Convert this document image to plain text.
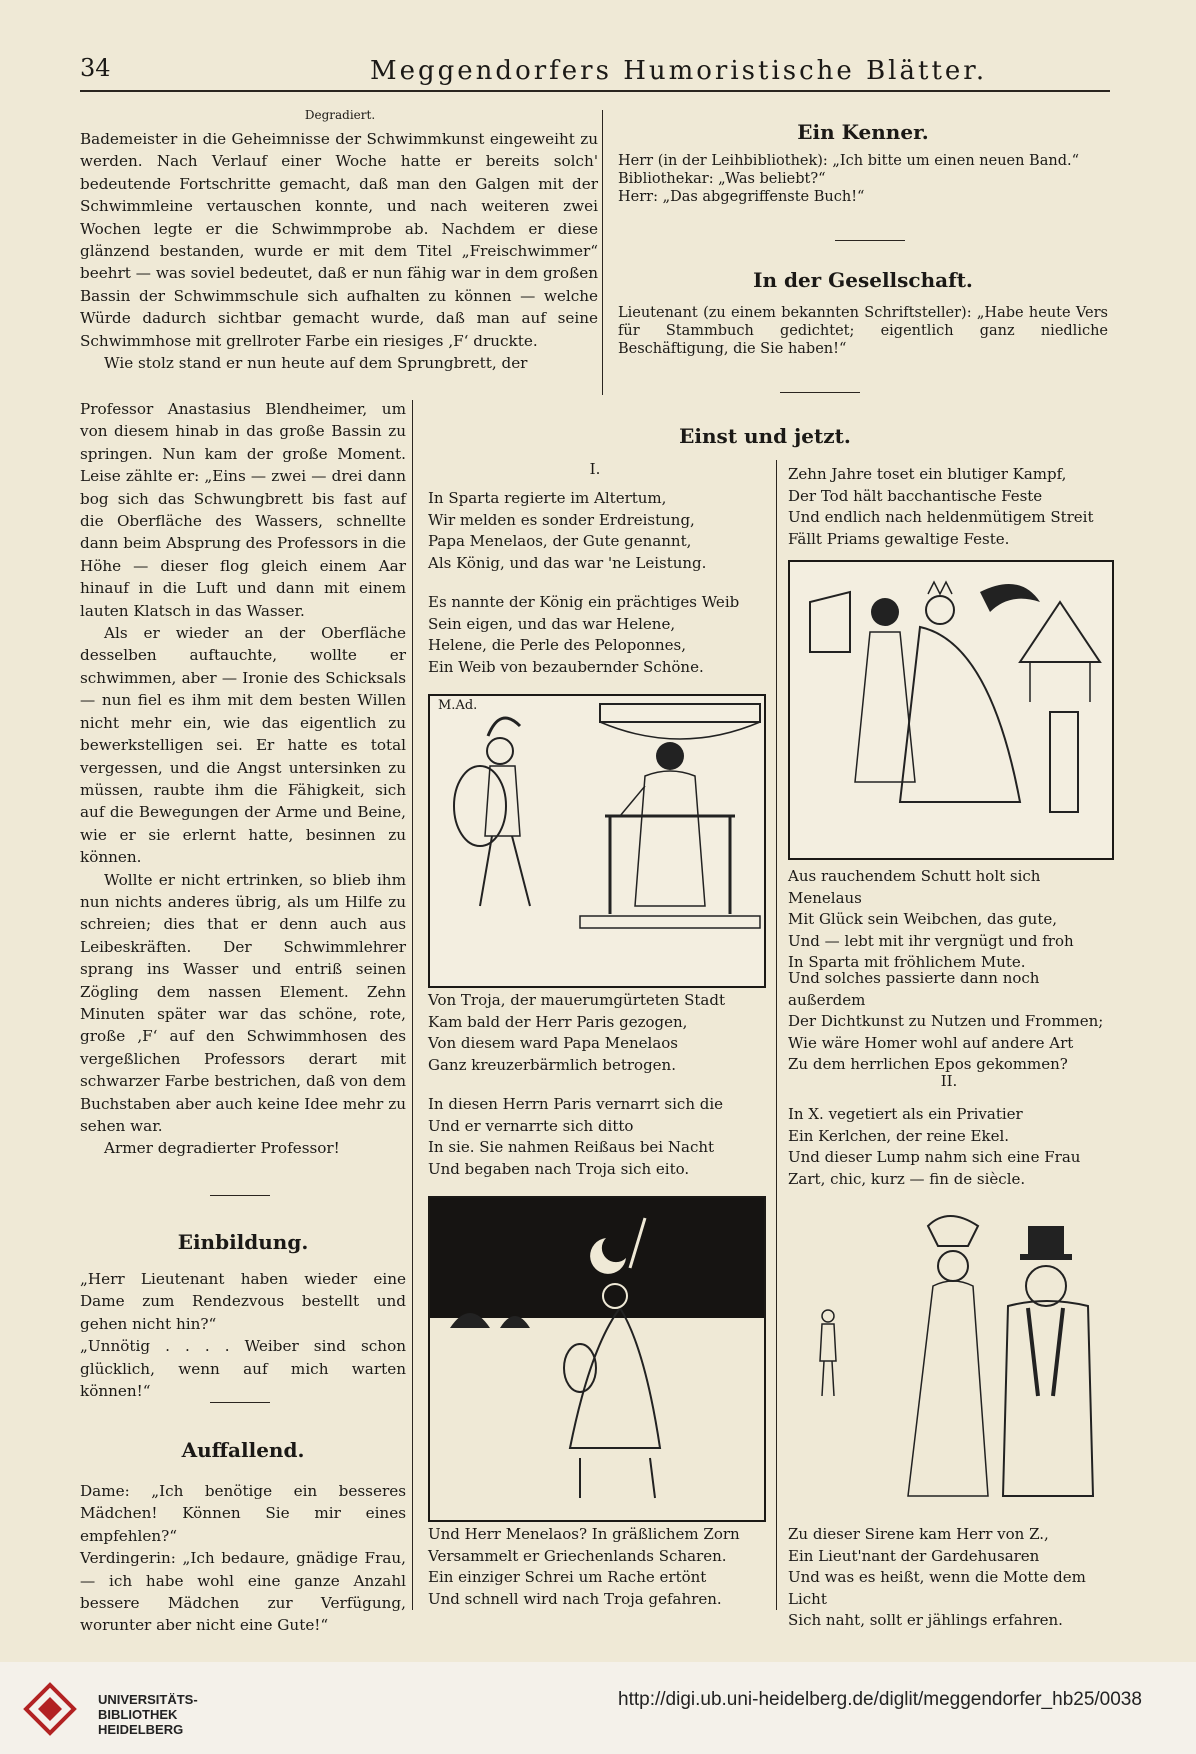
34	Meggendorfers Humoristische Blätter.
Degradiert.

Bademeister in die Geheimnisse der Schwimmkunst eingeweiht zu werden. Nach Verlauf einer Woche hatte er bereits solch' bedeutende Fortschritte gemacht, daß man den Galgen mit der Schwimmleine vertauschen konnte, und nach weiteren zwei Wochen legte er die Schwimmprobe ab. Nachdem er diese glänzend bestanden, wurde er mit dem Titel „Freischwimmer“ beehrt — was soviel bedeutet, daß er nun fähig war in dem großen Bassin der Schwimmschule sich aufhalten zu können — welche Würde dadurch sichtbar gemacht wurde, daß man auf seine Schwimmhose mit grellroter Farbe ein riesiges ‚F‘ druckte.

Wie stolz stand er nun heute auf dem Sprungbrett, der

Professor Anastasius Blendheimer, um von diesem hinab in das große Bassin zu springen. Nun kam der große Moment. Leise zählte er: „Eins — zwei — drei dann bog sich das Schwungbrett bis fast auf die Oberfläche des Wassers, schnellte dann beim Absprung des Professors in die Höhe — dieser flog gleich einem Aar hinauf in die Luft und dann mit einem lauten Klatsch in das Wasser.

Als er wieder an der Oberfläche desselben auftauchte, wollte er schwimmen, aber — Ironie des Schicksals — nun fiel es ihm mit dem besten Willen nicht mehr ein, wie das eigentlich zu bewerkstelligen sei. Er hatte es total vergessen, und die Angst untersinken zu müssen, raubte ihm die Fähigkeit, sich auf die Bewegungen der Arme und Beine, wie er sie erlernt hatte, besinnen zu können.

Wollte er nicht ertrinken, so blieb ihm nun nichts anderes übrig, als um Hilfe zu schreien; dies that er denn auch aus Leibeskräften. Der Schwimmlehrer sprang ins Wasser und entriß seinen Zögling dem nassen Element. Zehn Minuten später war das schöne, rote, große ‚F‘ auf den Schwimmhosen des vergeßlichen Professors derart mit schwarzer Farbe bestrichen, daß von dem Buchstaben aber auch keine Idee mehr zu sehen war.

Armer degradierter Professor!

Einbildung.

„Herr Lieutenant haben wieder eine Dame zum Rendezvous bestellt und gehen nicht hin?“

„Unnötig . . . . Weiber sind schon glücklich, wenn auf mich warten können!“

Auffallend.

Dame: „Ich benötige ein besseres Mädchen! Können Sie mir eines empfehlen?“

Verdingerin: „Ich bedaure, gnädige Frau, — ich habe wohl eine ganze Anzahl bessere Mädchen zur Verfügung, worunter aber nicht eine Gute!“

Ein Kenner.

Herr (in der Leihbibliothek): „Ich bitte um einen neuen Band.“

Bibliothekar: „Was beliebt?“

Herr: „Das abgegriffenste Buch!“

In der Gesellschaft.
Lieutenant (zu einem bekannten Schriftsteller): „Habe heute Vers für Stammbuch gedichtet; eigentlich ganz niedliche Beschäftigung, die Sie haben!“
Einst und jetzt.
I.
In Sparta regierte im Altertum,
Wir melden es sonder Erdreistung,
Papa Menelaos, der Gute genannt,
Als König, und das war 'ne Leistung.
Es nannte der König ein prächtiges Weib
Sein eigen, und das war Helene,
Helene, die Perle des Peloponnes,
Ein Weib von bezaubernder Schöne.
M.Ad.
Von Troja, der mauerumgürteten Stadt
Kam bald der Herr Paris gezogen,
Von diesem ward Papa Menelaos
Ganz kreuzerbärmlich betrogen.
In diesen Herrn Paris vernarrt sich die
Und er vernarrte sich ditto
In sie. Sie nahmen Reißaus bei Nacht
Und begaben nach Troja sich eito.
Und Herr Menelaos? In gräßlichem Zorn
Versammelt er Griechenlands Scharen.
Ein einziger Schrei um Rache ertönt
Und schnell wird nach Troja gefahren.
Zehn Jahre toset ein blutiger Kampf,
Der Tod hält bacchantische Feste
Und endlich nach heldenmütigem Streit
Fällt Priams gewaltige Feste.
Aus rauchendem Schutt holt sich Menelaus
Mit Glück sein Weibchen, das gute,
Und — lebt mit ihr vergnügt und froh
In Sparta mit fröhlichem Mute.
Und solches passierte dann noch außerdem
Der Dichtkunst zu Nutzen und Frommen;
Wie wäre Homer wohl auf andere Art
Zu dem herrlichen Epos gekommen?
II.
In X. vegetiert als ein Privatier
Ein Kerlchen, der reine Ekel.
Und dieser Lump nahm sich eine Frau
Zart, chic, kurz — fin de siècle.
Zu dieser Sirene kam Herr von Z.,
Ein Lieut'nant der Gardehusaren
Und was es heißt, wenn die Motte dem Licht
Sich naht, sollt er jählings erfahren.
UNIVERSITÄTS-
BIBLIOTHEK
HEIDELBERG
http://digi.ub.uni-heidelberg.de/diglit/meggendorfer_hb25/0038
